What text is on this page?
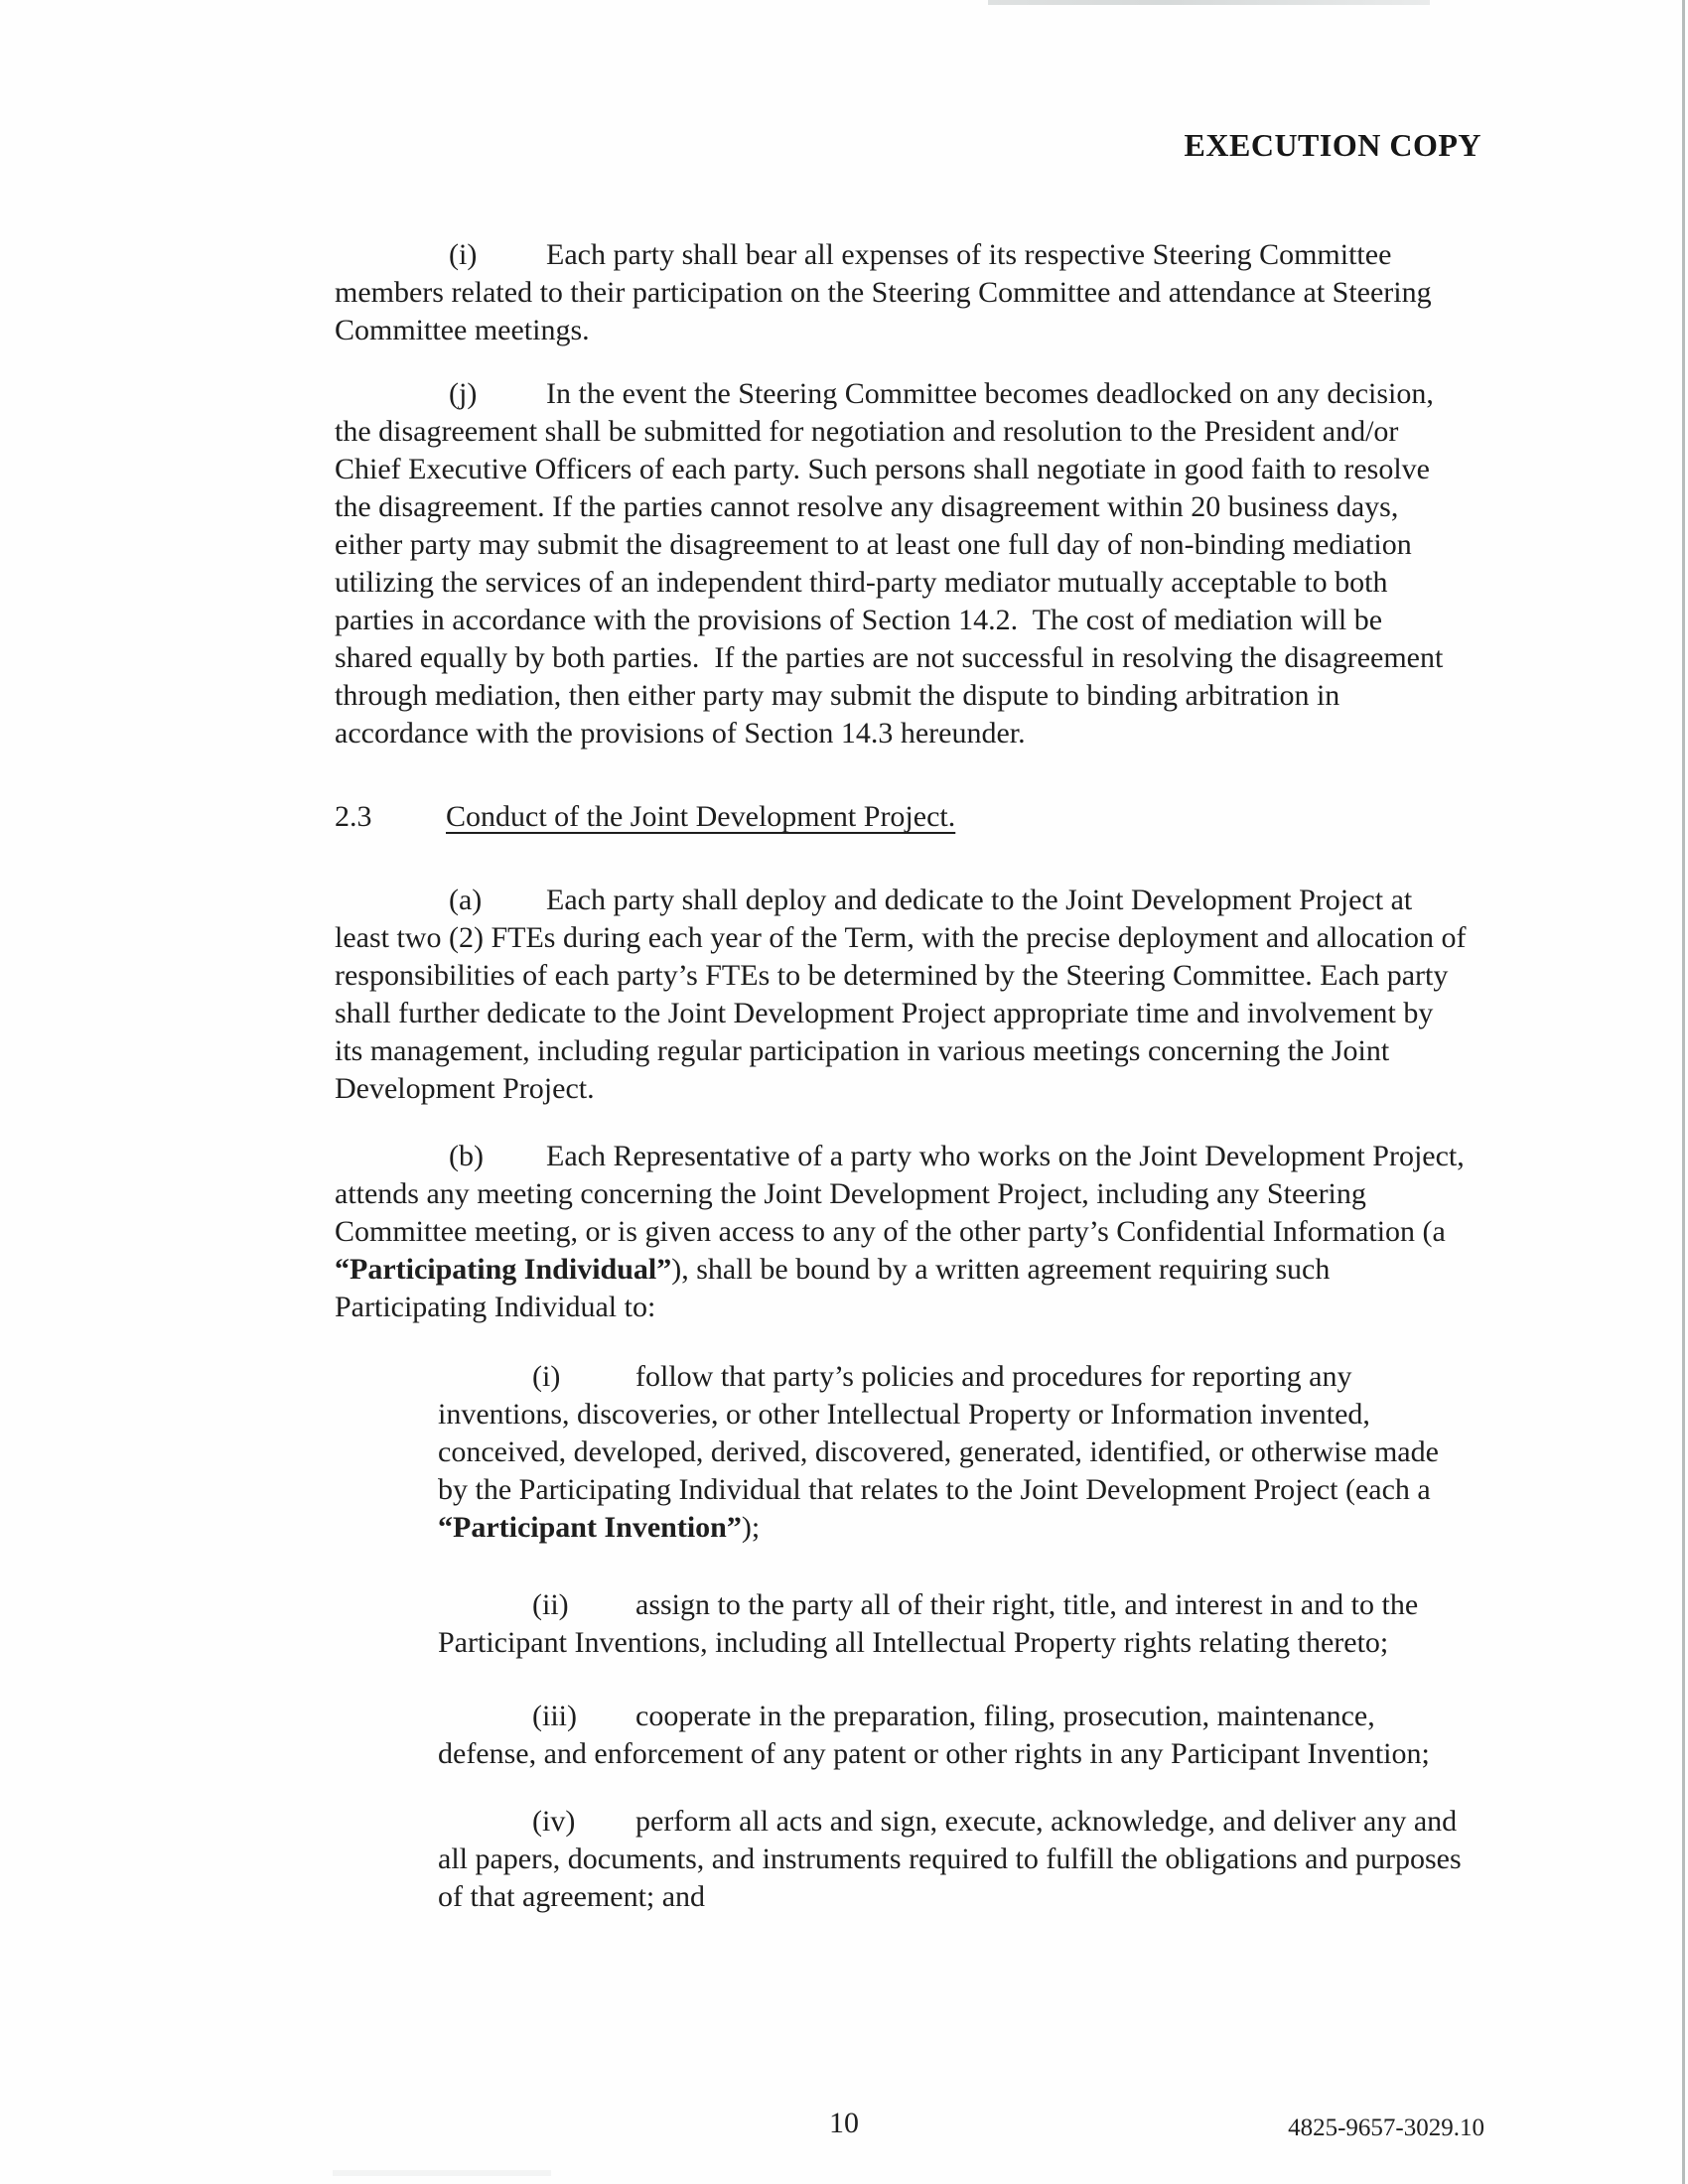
EXECUTION COPY

(i) Each party shall bear all expenses of its respective Steering Committee members related to their participation on the Steering Committee and attendance at Steering Committee meetings.

(j) In the event the Steering Committee becomes deadlocked on any decision, the disagreement shall be submitted for negotiation and resolution to the President and/or Chief Executive Officers of each party. Such persons shall negotiate in good faith to resolve the disagreement. If the parties cannot resolve any disagreement within 20 business days, either party may submit the disagreement to at least one full day of non-binding mediation utilizing the services of an independent third-party mediator mutually acceptable to both parties in accordance with the provisions of Section 14.2.  The cost of mediation will be shared equally by both parties.  If the parties are not successful in resolving the disagreement through mediation, then either party may submit the dispute to binding arbitration in accordance with the provisions of Section 14.3 hereunder.

2.3 Conduct of the Joint Development Project.

(a) Each party shall deploy and dedicate to the Joint Development Project at least two (2) FTEs during each year of the Term, with the precise deployment and allocation of responsibilities of each party’s FTEs to be determined by the Steering Committee. Each party shall further dedicate to the Joint Development Project appropriate time and involvement by its management, including regular participation in various meetings concerning the Joint Development Project.

(b) Each Representative of a party who works on the Joint Development Project, attends any meeting concerning the Joint Development Project, including any Steering Committee meeting, or is given access to any of the other party’s Confidential Information (a “Participating Individual”), shall be bound by a written agreement requiring such Participating Individual to:

(i)	follow that party’s policies and procedures for reporting any inventions, discoveries, or other Intellectual Property or Information invented, conceived, developed, derived, discovered, generated, identified, or otherwise made by the Participating Individual that relates to the Joint Development Project (each a “Participant Invention”);

(ii) assign to the party all of their right, title, and interest in and to the Participant Inventions, including all Intellectual Property rights relating thereto;

(iii) cooperate in the preparation, filing, prosecution, maintenance, defense, and enforcement of any patent or other rights in any Participant Invention;

(iv) perform all acts and sign, execute, acknowledge, and deliver any and all papers, documents, and instruments required to fulfill the obligations and purposes of that agreement; and

10	4825-9657-3029.10
